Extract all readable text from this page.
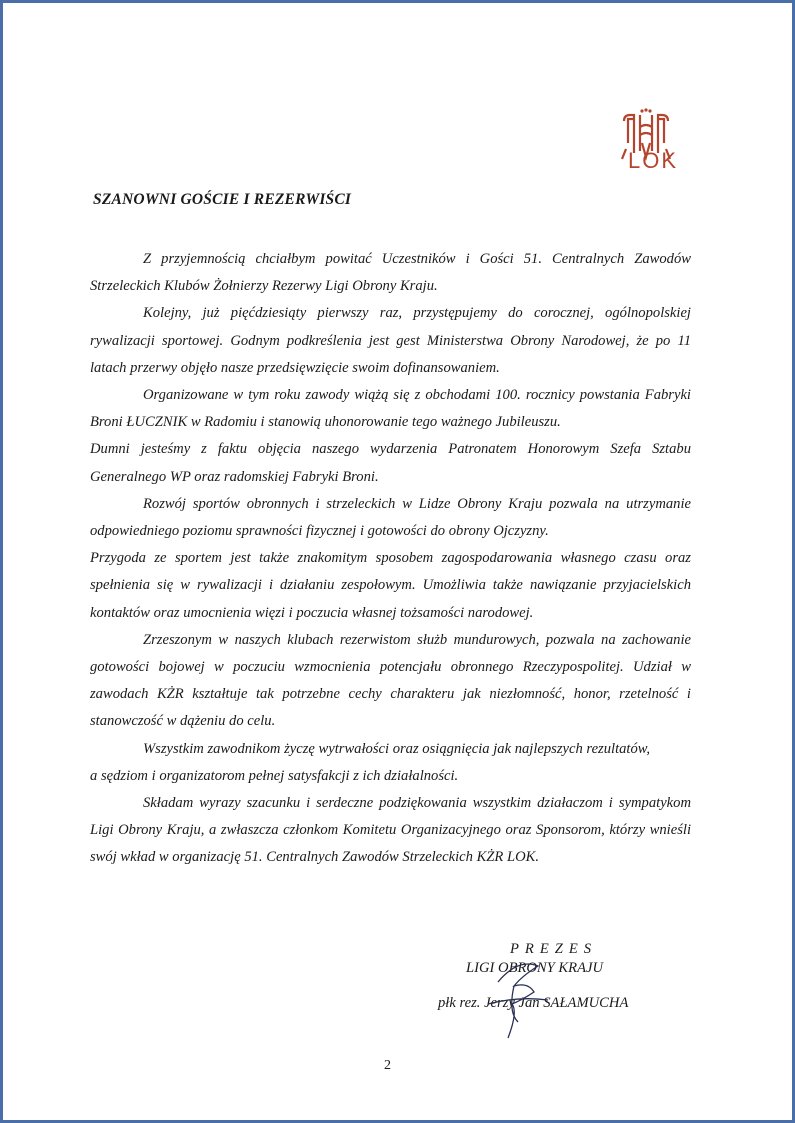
LOK
SZANOWNI GOŚCIE I REZERWIŚCI

Z przyjemnością chciałbym powitać Uczestników i Gości 51. Centralnych Zawodów Strzeleckich Klubów Żołnierzy Rezerwy Ligi Obrony Kraju.

Kolejny, już pięćdziesiąty pierwszy raz, przystępujemy do corocznej, ogólnopolskiej rywalizacji sportowej. Godnym podkreślenia jest gest Ministerstwa Obrony Narodowej, że po 11 latach przerwy objęło nasze przedsięwzięcie swoim dofinansowaniem.

Organizowane w tym roku zawody wiążą się z obchodami 100. rocznicy powstania Fabryki Broni ŁUCZNIK w Radomiu i stanowią uhonorowanie tego ważnego Jubileuszu.

Dumni jesteśmy z faktu objęcia naszego wydarzenia Patronatem Honorowym Szefa Sztabu Generalnego WP oraz radomskiej Fabryki Broni.

Rozwój sportów obronnych i strzeleckich w Lidze Obrony Kraju pozwala na utrzymanie odpowiedniego poziomu sprawności fizycznej i gotowości do obrony Ojczyzny.

Przygoda ze sportem jest także znakomitym sposobem zagospodarowania własnego czasu oraz spełnienia się w rywalizacji i działaniu zespołowym. Umożliwia także nawiązanie przyjacielskich kontaktów oraz umocnienia więzi i poczucia własnej tożsamości narodowej.

Zrzeszonym w naszych klubach rezerwistom służb mundurowych, pozwala na zachowanie gotowości bojowej w poczuciu wzmocnienia potencjału obronnego Rzeczypospolitej. Udział w zawodach KŻR kształtuje tak potrzebne cechy charakteru jak niezłomność, honor, rzetelność i stanowczość w dążeniu do celu.

Wszystkim zawodnikom życzę wytrwałości oraz osiągnięcia jak najlepszych rezultatów,

a sędziom i organizatorom pełnej satysfakcji z ich działalności.

Składam wyrazy szacunku i serdeczne podziękowania wszystkim działaczom i sympatykom Ligi Obrony Kraju, a zwłaszcza członkom Komitetu Organizacyjnego oraz Sponsorom, którzy wnieśli swój wkład w organizację 51. Centralnych Zawodów Strzeleckich KŻR LOK.

PREZES
LIGI OBRONY KRAJU
płk rez. Jerzy Jan SAŁAMUCHA
2
